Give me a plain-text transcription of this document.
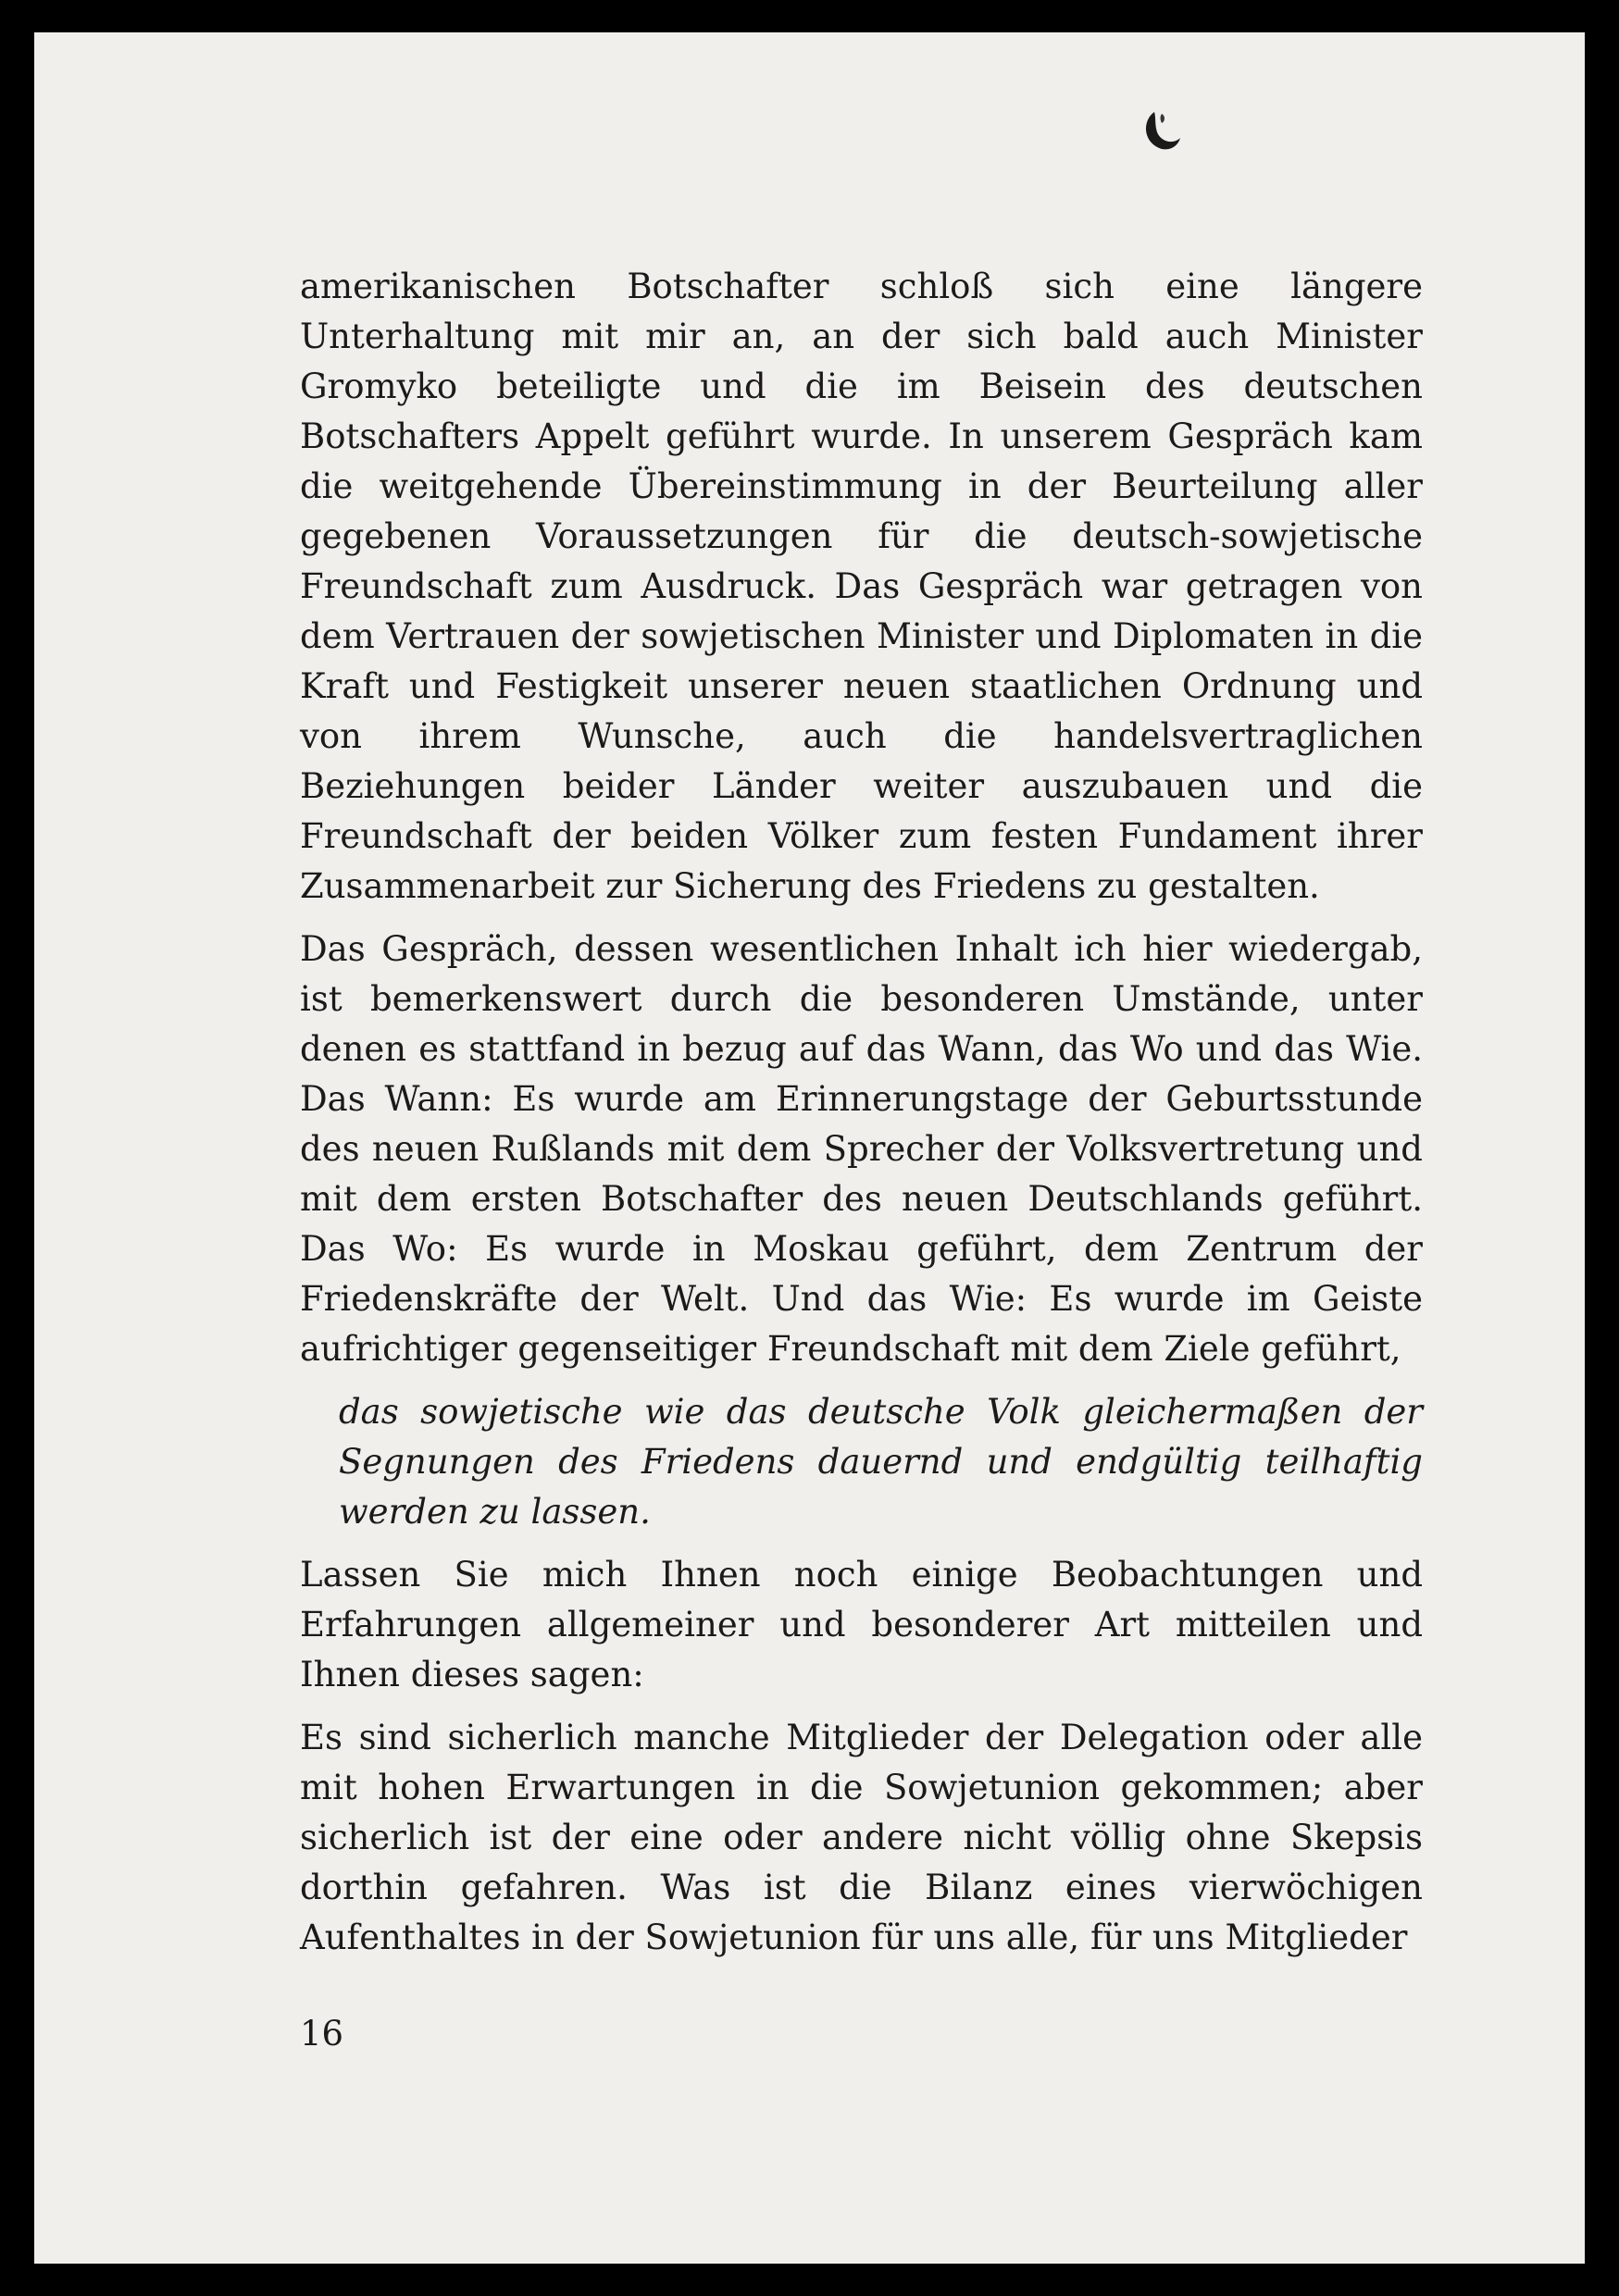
amerikanischen Botschafter schloß sich eine längere Unterhaltung mit mir an, an der sich bald auch Minister Gromyko beteiligte und die im Beisein des deutschen Botschafters Appelt geführt wurde. In unserem Gespräch kam die weitgehende Übereinstimmung in der Beurteilung aller gegebenen Voraussetzungen für die deutsch-sowjetische Freundschaft zum Ausdruck. Das Gespräch war getragen von dem Vertrauen der sowjetischen Minister und Diplomaten in die Kraft und Festigkeit unserer neuen staatlichen Ordnung und von ihrem Wunsche, auch die handelsvertraglichen Beziehungen beider Länder weiter auszubauen und die Freundschaft der beiden Völker zum festen Fundament ihrer Zusammenarbeit zur Sicherung des Friedens zu gestalten.

Das Gespräch, dessen wesentlichen Inhalt ich hier wiedergab, ist bemerkenswert durch die besonderen Umstände, unter denen es stattfand in bezug auf das Wann, das Wo und das Wie. Das Wann: Es wurde am Erinnerungstage der Geburtsstunde des neuen Rußlands mit dem Sprecher der Volksvertretung und mit dem ersten Botschafter des neuen Deutschlands geführt. Das Wo: Es wurde in Moskau geführt, dem Zentrum der Friedenskräfte der Welt. Und das Wie: Es wurde im Geiste aufrichtiger gegenseitiger Freundschaft mit dem Ziele geführt,

das sowjetische wie das deutsche Volk gleichermaßen der Segnungen des Friedens dauernd und endgültig teilhaftig werden zu lassen.

Lassen Sie mich Ihnen noch einige Beobachtungen und Erfahrungen allgemeiner und besonderer Art mitteilen und Ihnen dieses sagen:

Es sind sicherlich manche Mitglieder der Delegation oder alle mit hohen Erwartungen in die Sowjetunion gekommen; aber sicherlich ist der eine oder andere nicht völlig ohne Skepsis dorthin gefahren. Was ist die Bilanz eines vierwöchigen Aufenthaltes in der Sowjetunion für uns alle, für uns Mitglieder

16
